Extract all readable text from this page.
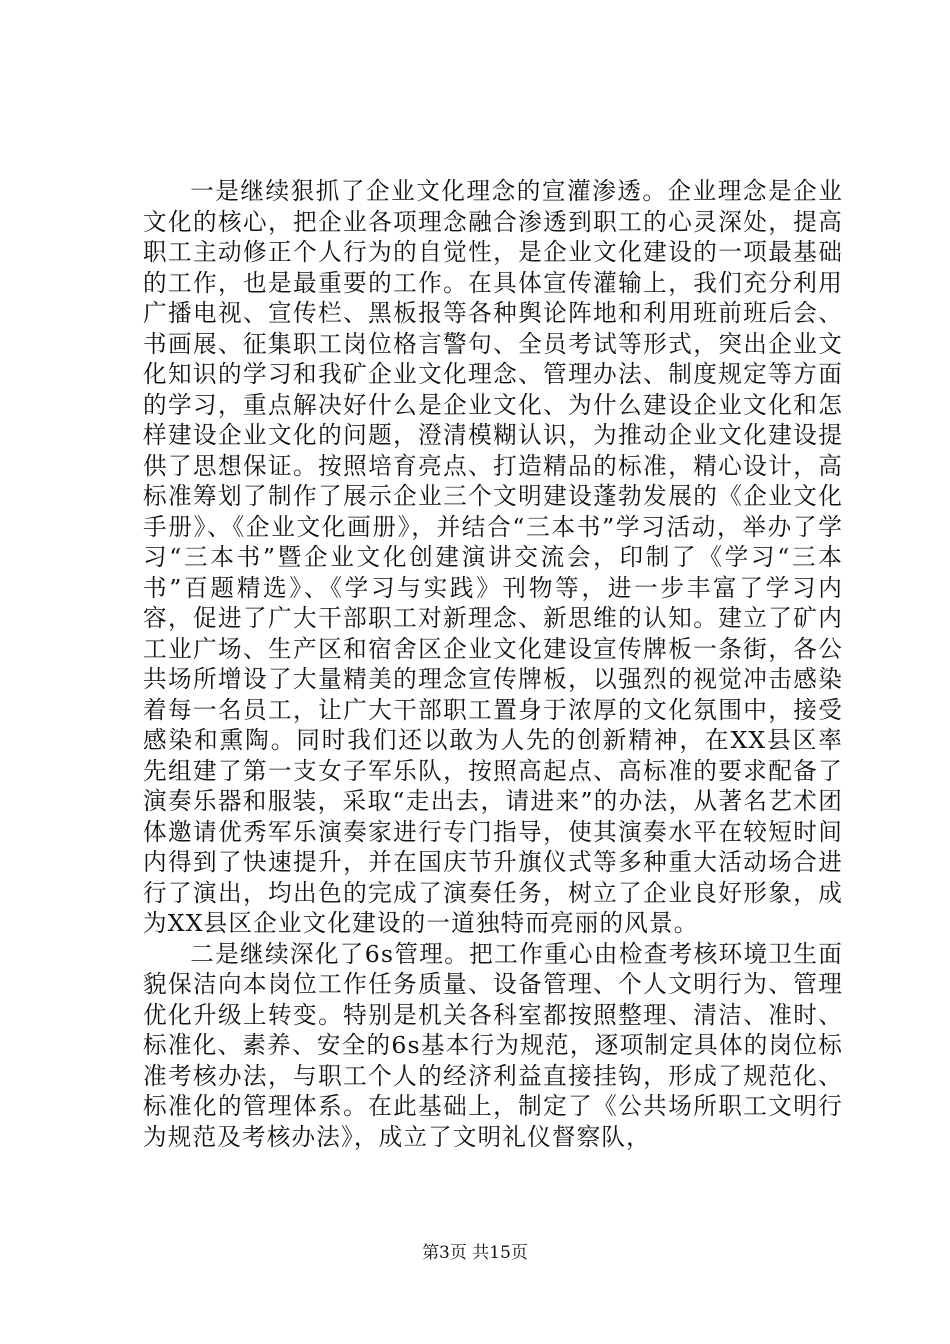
一是继续狠抓了企业文化理念的宣灌渗透。企业理念是企业文化的核心，把企业各项理念融合渗透到职工的心灵深处，提高职工主动修正个人行为的自觉性，是企业文化建设的一项最基础的工作，也是最重要的工作。在具体宣传灌输上，我们充分利用广播电视、宣传栏、黑板报等各种舆论阵地和利用班前班后会、书画展、征集职工岗位格言警句、全员考试等形式，突出企业文化知识的学习和我矿企业文化理念、管理办法、制度规定等方面的学习，重点解决好什么是企业文化、为什么建设企业文化和怎样建设企业文化的问题，澄清模糊认识，为推动企业文化建设提供了思想保证。按照培育亮点、打造精品的标准，精心设计，高标准筹划了制作了展示企业三个文明建设蓬勃发展的《企业文化手册》、《企业文化画册》，并结合“三本书”学习活动，举办了学习“三本书”暨企业文化创建演讲交流会，印制了《学习“三本书”百题精选》、《学习与实践》刊物等，进一步丰富了学习内容，促进了广大干部职工对新理念、新思维的认知。建立了矿内工业广场、生产区和宿舍区企业文化建设宣传牌板一条街，各公共场所增设了大量精美的理念宣传牌板，以强烈的视觉冲击感染着每一名员工，让广大干部职工置身于浓厚的文化氛围中，接受感染和熏陶。同时我们还以敢为人先的创新精神，在XX县区率先组建了第一支女子军乐队，按照高起点、高标准的要求配备了演奏乐器和服装，采取“走出去，请进来”的办法，从著名艺术团体邀请优秀军乐演奏家进行专门指导，使其演奏水平在较短时间内得到了快速提升，并在国庆节升旗仪式等多种重大活动场合进行了演出，均出色的完成了演奏任务，树立了企业良好形象，成为XX县区企业文化建设的一道独特而亮丽的风景。

二是继续深化了6s管理。把工作重心由检查考核环境卫生面貌保洁向本岗位工作任务质量、设备管理、个人文明行为、管理优化升级上转变。特别是机关各科室都按照整理、清洁、准时、标准化、素养、安全的6s基本行为规范，逐项制定具体的岗位标准考核办法，与职工个人的经济利益直接挂钩，形成了规范化、标准化的管理体系。在此基础上，制定了《公共场所职工文明行为规范及考核办法》，成立了文明礼仪督察队，

第3页 共15页
